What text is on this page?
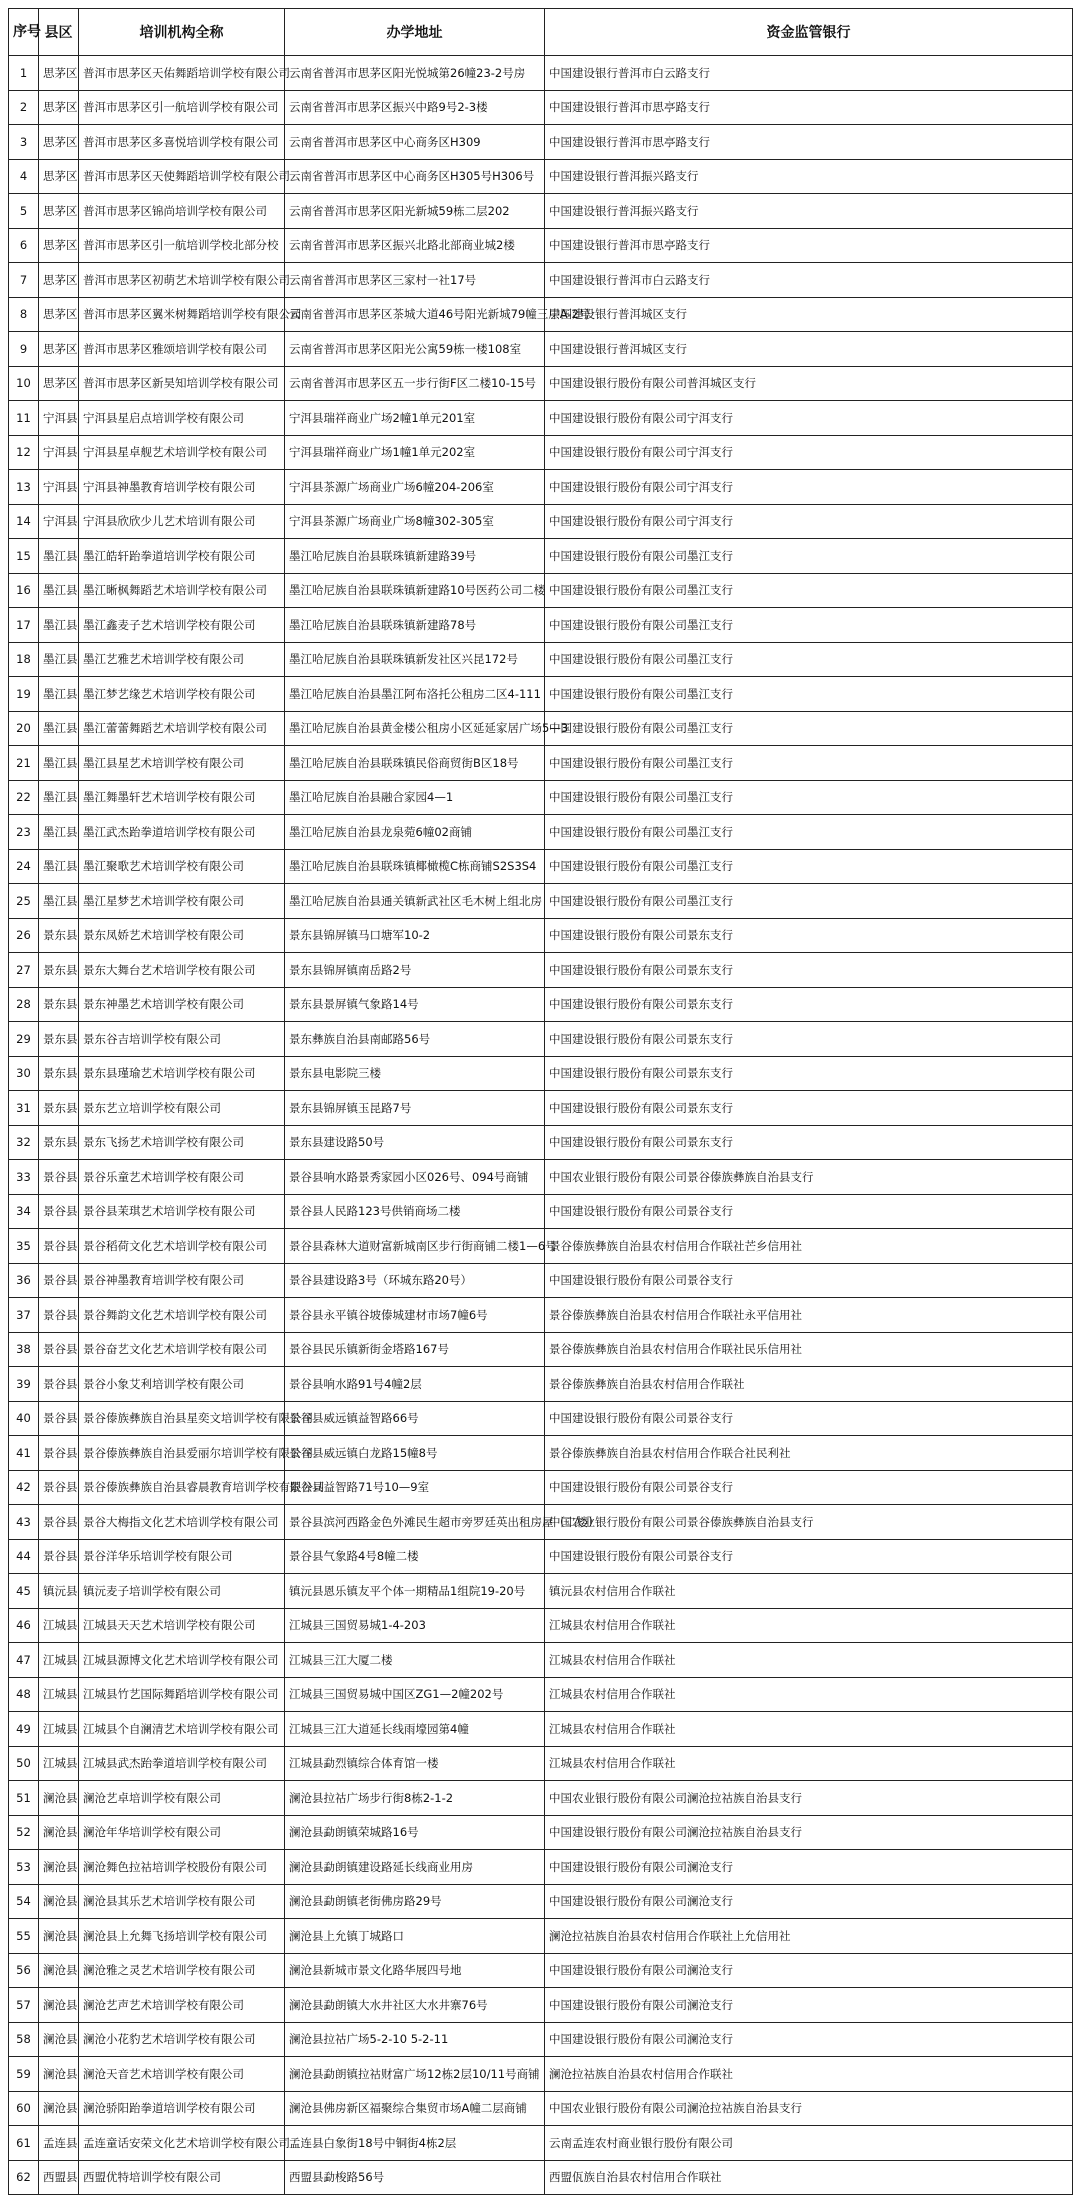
序号	县区	培训机构全称	办学地址	资金监管银行
1	思茅区	普洱市思茅区天佑舞蹈培训学校有限公司	云南省普洱市思茅区阳光悦城第26幢23-2号房	中国建设银行普洱市白云路支行
2	思茅区	普洱市思茅区引一航培训学校有限公司	云南省普洱市思茅区振兴中路9号2-3楼	中国建设银行普洱市思亭路支行
3	思茅区	普洱市思茅区多喜悦培训学校有限公司	云南省普洱市思茅区中心商务区H309	中国建设银行普洱市思亭路支行
4	思茅区	普洱市思茅区天使舞蹈培训学校有限公司	云南省普洱市思茅区中心商务区H305号H306号	中国建设银行普洱振兴路支行
5	思茅区	普洱市思茅区锦尚培训学校有限公司	云南省普洱市思茅区阳光新城59栋二层202	中国建设银行普洱振兴路支行
6	思茅区	普洱市思茅区引一航培训学校北部分校	云南省普洱市思茅区振兴北路北部商业城2楼	中国建设银行普洱市思亭路支行
7	思茅区	普洱市思茅区初萌艺术培训学校有限公司	云南省普洱市思茅区三家村一社17号	中国建设银行普洱市白云路支行
8	思茅区	普洱市思茅区翼米树舞蹈培训学校有限公司	云南省普洱市思茅区茶城大道46号阳光新城79幢三层A-2号	中国建设银行普洱城区支行
9	思茅区	普洱市思茅区雅颂培训学校有限公司	云南省普洱市思茅区阳光公寓59栋一楼108室	中国建设银行普洱城区支行
10	思茅区	普洱市思茅区新昊知培训学校有限公司	云南省普洱市思茅区五一步行街F区二楼10-15号	中国建设银行股份有限公司普洱城区支行
11	宁洱县	宁洱县星启点培训学校有限公司	宁洱县瑞祥商业广场2幢1单元201室	中国建设银行股份有限公司宁洱支行
12	宁洱县	宁洱县星卓舰艺术培训学校有限公司	宁洱县瑞祥商业广场1幢1单元202室	中国建设银行股份有限公司宁洱支行
13	宁洱县	宁洱县神墨教育培训学校有限公司	宁洱县茶源广场商业广场6幢204-206室	中国建设银行股份有限公司宁洱支行
14	宁洱县	宁洱县欣欣少儿艺术培训有限公司	宁洱县茶源广场商业广场8幢302-305室	中国建设银行股份有限公司宁洱支行
15	墨江县	墨江皓轩跆拳道培训学校有限公司	墨江哈尼族自治县联珠镇新建路39号	中国建设银行股份有限公司墨江支行
16	墨江县	墨江晰枫舞蹈艺术培训学校有限公司	墨江哈尼族自治县联珠镇新建路10号医药公司二楼	中国建设银行股份有限公司墨江支行
17	墨江县	墨江鑫麦子艺术培训学校有限公司	墨江哈尼族自治县联珠镇新建路78号	中国建设银行股份有限公司墨江支行
18	墨江县	墨江艺雅艺术培训学校有限公司	墨江哈尼族自治县联珠镇新发社区兴昆172号	中国建设银行股份有限公司墨江支行
19	墨江县	墨江梦艺缘艺术培训学校有限公司	墨江哈尼族自治县墨江阿布洛托公租房二区4-111	中国建设银行股份有限公司墨江支行
20	墨江县	墨江蕾蕾舞蹈艺术培训学校有限公司	墨江哈尼族自治县黄金楼公租房小区延延家居广场5—3	中国建设银行股份有限公司墨江支行
21	墨江县	墨江县星艺术培训学校有限公司	墨江哈尼族自治县联珠镇民俗商贸街B区18号	中国建设银行股份有限公司墨江支行
22	墨江县	墨江舞墨轩艺术培训学校有限公司	墨江哈尼族自治县融合家园4—1	中国建设银行股份有限公司墨江支行
23	墨江县	墨江武杰跆拳道培训学校有限公司	墨江哈尼族自治县龙泉菀6幢02商铺	中国建设银行股份有限公司墨江支行
24	墨江县	墨江聚歌艺术培训学校有限公司	墨江哈尼族自治县联珠镇椰橄榄C栋商铺S2S3S4	中国建设银行股份有限公司墨江支行
25	墨江县	墨江星梦艺术培训学校有限公司	墨江哈尼族自治县通关镇新武社区毛木树上组北房	中国建设银行股份有限公司墨江支行
26	景东县	景东凤娇艺术培训学校有限公司	景东县锦屏镇马口塘军10-2	中国建设银行股份有限公司景东支行
27	景东县	景东大舞台艺术培训学校有限公司	景东县锦屏镇南岳路2号	中国建设银行股份有限公司景东支行
28	景东县	景东神墨艺术培训学校有限公司	景东县景屏镇气象路14号	中国建设银行股份有限公司景东支行
29	景东县	景东谷吉培训学校有限公司	景东彝族自治县南邮路56号	中国建设银行股份有限公司景东支行
30	景东县	景东县瑾瑜艺术培训学校有限公司	景东县电影院三楼	中国建设银行股份有限公司景东支行
31	景东县	景东艺立培训学校有限公司	景东县锦屏镇玉昆路7号	中国建设银行股份有限公司景东支行
32	景东县	景东飞扬艺术培训学校有限公司	景东县建设路50号	中国建设银行股份有限公司景东支行
33	景谷县	景谷乐童艺术培训学校有限公司	景谷县响水路景秀家园小区026号、094号商铺	中国农业银行股份有限公司景谷傣族彝族自治县支行
34	景谷县	景谷县茉琪艺术培训学校有限公司	景谷县人民路123号供销商场二楼	中国建设银行股份有限公司景谷支行
35	景谷县	景谷稻荷文化艺术培训学校有限公司	景谷县森林大道财富新城南区步行街商铺二楼1—6号	景谷傣族彝族自治县农村信用合作联社芒乡信用社
36	景谷县	景谷神墨教育培训学校有限公司	景谷县建设路3号（环城东路20号）	中国建设银行股份有限公司景谷支行
37	景谷县	景谷舞韵文化艺术培训学校有限公司	景谷县永平镇谷坡傣城建材市场7幢6号	景谷傣族彝族自治县农村信用合作联社永平信用社
38	景谷县	景谷奋艺文化艺术培训学校有限公司	景谷县民乐镇新街金塔路167号	景谷傣族彝族自治县农村信用合作联社民乐信用社
39	景谷县	景谷小象艾利培训学校有限公司	景谷县响水路91号4幢2层	景谷傣族彝族自治县农村信用合作联社
40	景谷县	景谷傣族彝族自治县星奕文培训学校有限公司	景谷县威远镇益智路66号	中国建设银行股份有限公司景谷支行
41	景谷县	景谷傣族彝族自治县爱丽尔培训学校有限公司	景谷县威远镇白龙路15幢8号	景谷傣族彝族自治县农村信用合作联合社民利社
42	景谷县	景谷傣族彝族自治县睿晨教育培训学校有限公司	景谷县益智路71号10—9室	中国建设银行股份有限公司景谷支行
43	景谷县	景谷大梅指文化艺术培训学校有限公司	景谷县滨河西路金色外滩民生超市旁罗廷英出租房屋（二楼）	中国农业银行股份有限公司景谷傣族彝族自治县支行
44	景谷县	景谷洋华乐培训学校有限公司	景谷县气象路4号8幢二楼	中国建设银行股份有限公司景谷支行
45	镇沅县	镇沅麦子培训学校有限公司	镇沅县恩乐镇友平个体一期精品1组院19-20号	镇沅县农村信用合作联社
46	江城县	江城县天天艺术培训学校有限公司	江城县三国贸易城1-4-203	江城县农村信用合作联社
47	江城县	江城县源博文化艺术培训学校有限公司	江城县三江大厦二楼	江城县农村信用合作联社
48	江城县	江城县竹艺国际舞蹈培训学校有限公司	江城县三国贸易城中国区ZG1—2幢202号	江城县农村信用合作联社
49	江城县	江城县个自澜清艺术培训学校有限公司	江城县三江大道延长线雨壕园第4幢	江城县农村信用合作联社
50	江城县	江城县武杰跆拳道培训学校有限公司	江城县勐烈镇综合体育馆一楼	江城县农村信用合作联社
51	澜沧县	澜沧艺卓培训学校有限公司	澜沧县拉祜广场步行街8栋2-1-2	中国农业银行股份有限公司澜沧拉祜族自治县支行
52	澜沧县	澜沧年华培训学校有限公司	澜沧县勐朗镇荣城路16号	中国建设银行股份有限公司澜沧拉祜族自治县支行
53	澜沧县	澜沧舞色拉祜培训学校股份有限公司	澜沧县勐朗镇建设路延长线商业用房	中国建设银行股份有限公司澜沧支行
54	澜沧县	澜沧县其乐艺术培训学校有限公司	澜沧县勐朗镇老街佛房路29号	中国建设银行股份有限公司澜沧支行
55	澜沧县	澜沧县上允舞飞扬培训学校有限公司	澜沧县上允镇丁城路口	澜沧拉祜族自治县农村信用合作联社上允信用社
56	澜沧县	澜沧雅之灵艺术培训学校有限公司	澜沧县新城市景文化路华展四号地	中国建设银行股份有限公司澜沧支行
57	澜沧县	澜沧艺声艺术培训学校有限公司	澜沧县勐朗镇大水井社区大水井寨76号	中国建设银行股份有限公司澜沧支行
58	澜沧县	澜沧小花豹艺术培训学校有限公司	澜沧县拉祜广场5-2-10 5-2-11	中国建设银行股份有限公司澜沧支行
59	澜沧县	澜沧天音艺术培训学校有限公司	澜沧县勐朗镇拉祜财富广场12栋2层10/11号商铺	澜沧拉祜族自治县农村信用合作联社
60	澜沧县	澜沧骄阳跆拳道培训学校有限公司	澜沧县佛房新区福聚综合集贸市场A幢二层商铺	中国农业银行股份有限公司澜沧拉祜族自治县支行
61	孟连县	孟连童话安荣文化艺术培训学校有限公司	孟连县白象街18号中铜街4栋2层	云南孟连农村商业银行股份有限公司
62	西盟县	西盟优特培训学校有限公司	西盟县勐梭路56号	西盟佤族自治县农村信用合作联社
